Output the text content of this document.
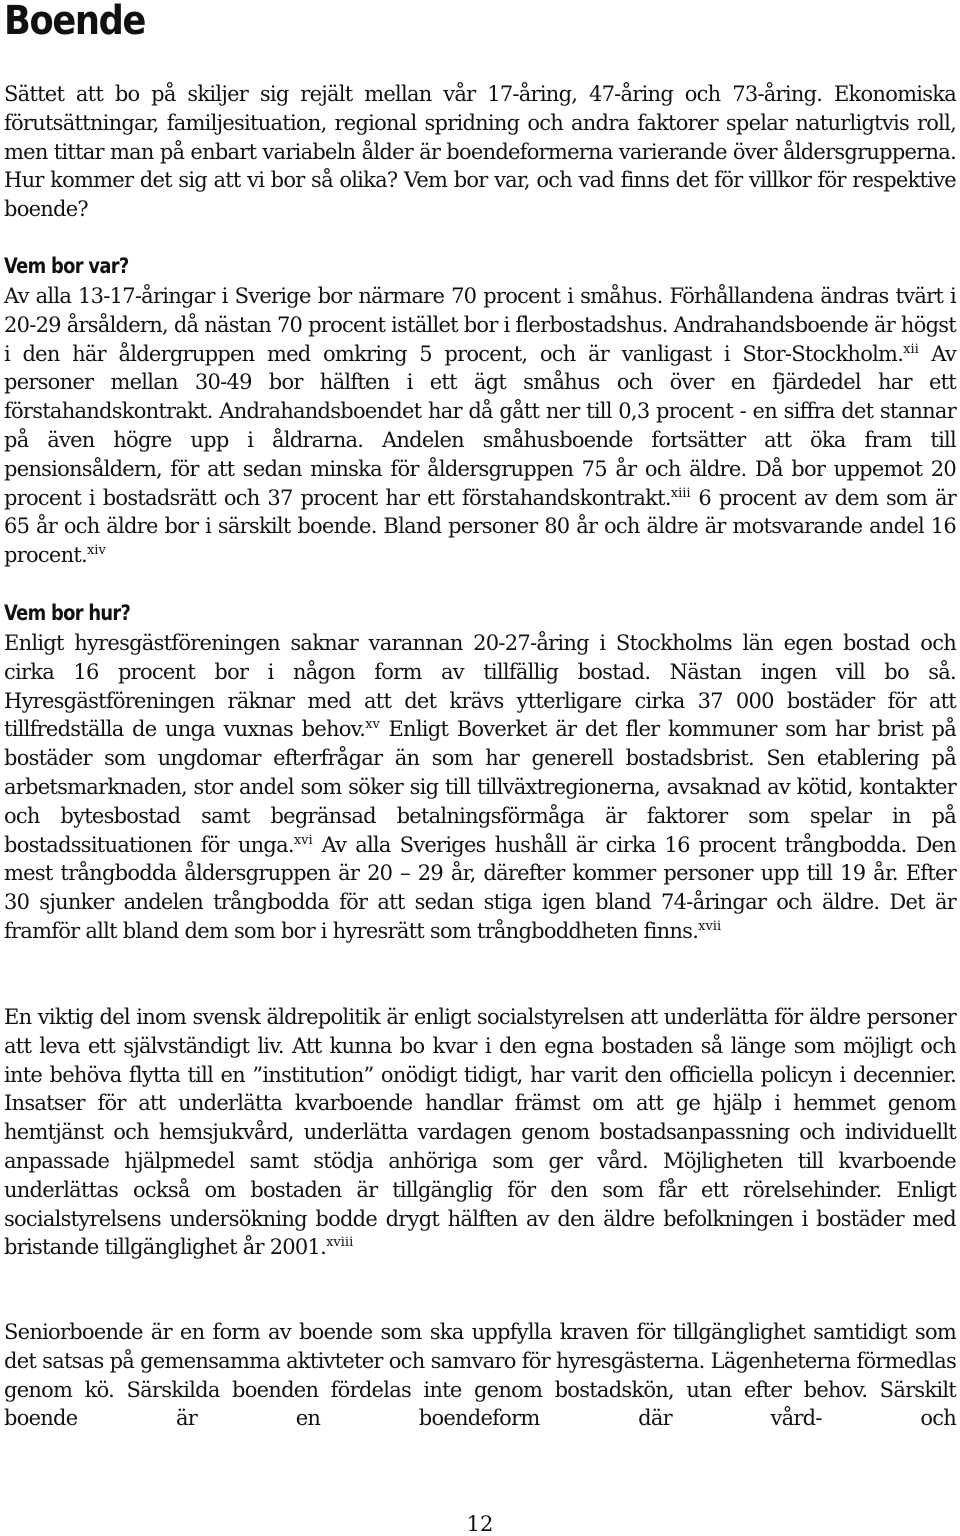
Boende

Sättet att bo på skiljer sig rejält mellan vår 17-åring, 47-åring och 73-åring. Ekonomiska förutsättningar, familjesituation, regional spridning och andra faktorer spelar naturligtvis roll, men tittar man på enbart variabeln ålder är boendeformerna varierande över åldersgrupperna. Hur kommer det sig att vi bor så olika? Vem bor var, och vad finns det för villkor för respektive boende?

Vem bor var?

Av alla 13-17-åringar i Sverige bor närmare 70 procent i småhus. Förhållandena ändras tvärt i 20-29 årsåldern, då nästan 70 procent istället bor i flerbostadshus. Andrahandsboende är högst i den här åldergruppen med omkring 5 procent, och är vanligast i Stor-Stockholm.$^{xii}$ Av personer mellan 30-49 bor hälften i ett ägt småhus och över en fjärdedel har ett förstahandskontrakt. Andrahandsboendet har då gått ner till 0,3 procent - en siffra det stannar på även högre upp i åldrarna. Andelen småhusboende fortsätter att öka fram till pensionsåldern, för att sedan minska för åldersgruppen 75 år och äldre. Då bor uppemot 20 procent i bostadsrätt och 37 procent har ett förstahandskontrakt.$^{xiii}$ 6 procent av dem som är 65 år och äldre bor i särskilt boende. Bland personer 80 år och äldre är motsvarande andel 16 procent.$^{xiv}$

Vem bor hur?

Enligt hyresgästföreningen saknar varannan 20-27-åring i Stockholms län egen bostad och cirka 16 procent bor i någon form av tillfällig bostad. Nästan ingen vill bo så. Hyresgästföreningen räknar med att det krävs ytterligare cirka 37 000 bostäder för att tillfredställa de unga vuxnas behov.$^{xv}$ Enligt Boverket är det fler kommuner som har brist på bostäder som ungdomar efterfrågar än som har generell bostadsbrist. Sen etablering på arbetsmarknaden, stor andel som söker sig till tillväxtregionerna, avsaknad av kötid, kontakter och bytesbostad samt begränsad betalningsförmåga är faktorer som spelar in på bostadssituationen för unga.$^{xvi}$ Av alla Sveriges hushåll är cirka 16 procent trångbodda. Den mest trångbodda åldersgruppen är 20 – 29 år, därefter kommer personer upp till 19 år. Efter 30 sjunker andelen trångbodda för att sedan stiga igen bland 74-åringar och äldre. Det är framför allt bland dem som bor i hyresrätt som trångboddheten finns.$^{xvii}$

En viktig del inom svensk äldrepolitik är enligt socialstyrelsen att underlätta för äldre personer att leva ett självständigt liv. Att kunna bo kvar i den egna bostaden så länge som möjligt och inte behöva flytta till en ”institution” onödigt tidigt, har varit den officiella policyn i decennier. Insatser för att underlätta kvarboende handlar främst om att ge hjälp i hemmet genom hemtjänst och hemsjukvård, underlätta vardagen genom bostadsanpassning och individuellt anpassade hjälpmedel samt stödja anhöriga som ger vård. Möjligheten till kvarboende underlättas också om bostaden är tillgänglig för den som får ett rörelsehinder. Enligt socialstyrelsens undersökning bodde drygt hälften av den äldre befolkningen i bostäder med bristande tillgänglighet år 2001.$^{xviii}$

Seniorboende är en form av boende som ska uppfylla kraven för tillgänglighet samtidigt som det satsas på gemensamma aktivteter och samvaro för hyresgästerna. Lägenheterna förmedlas genom kö. Särskilda boenden fördelas inte genom bostadskön, utan efter behov. Särskilt boende är en boendeform där vård- och

12
